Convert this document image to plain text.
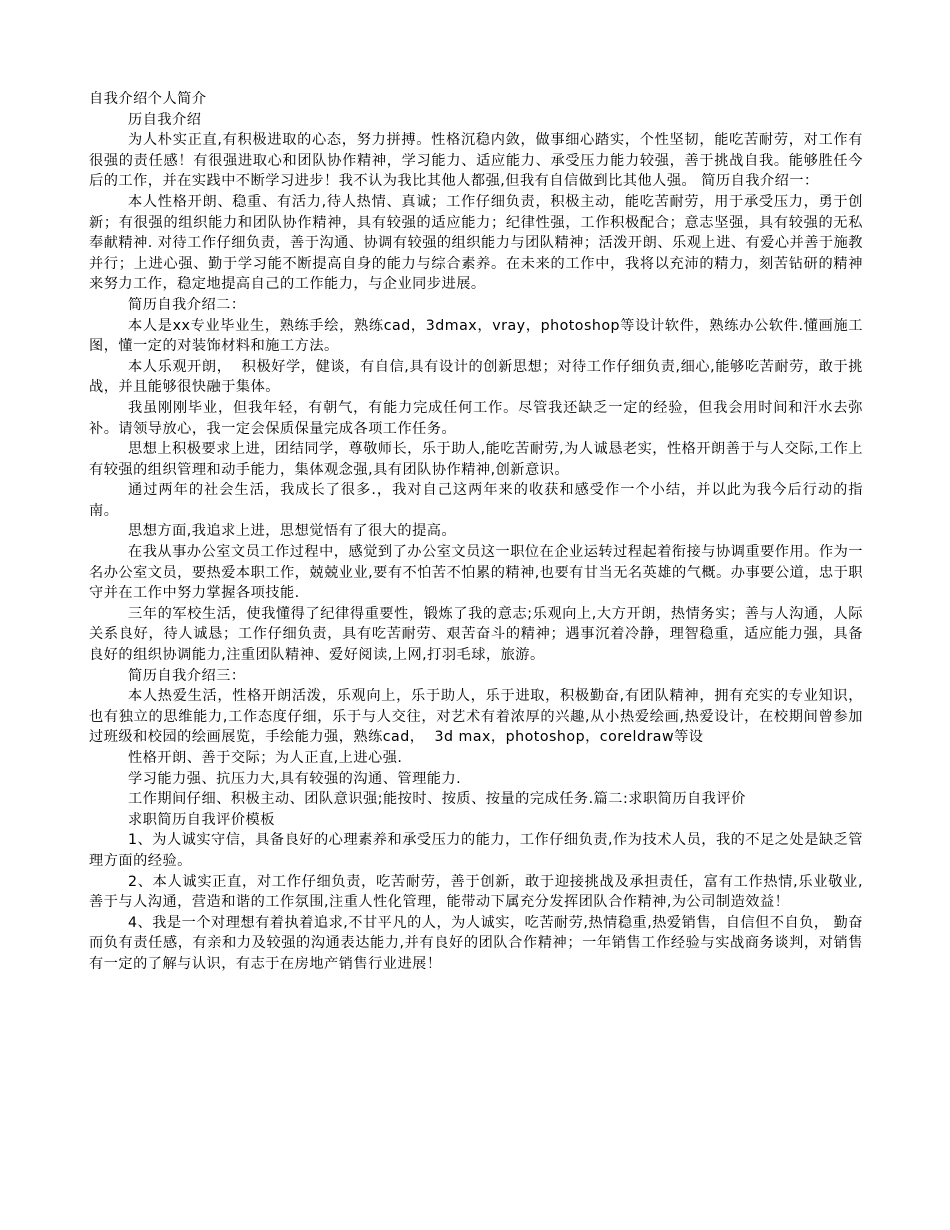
自我介绍个人简介

历自我介绍

为人朴实正直,有积极进取的心态，努力拼搏。性格沉稳内敛，做事细心踏实，个性坚韧，能吃苦耐劳，对工作有很强的责任感！有很强进取心和团队协作精神，学习能力、适应能力、承受压力能力较强，善于挑战自我。能够胜任今后的工作，并在实践中不断学习进步！我不认为我比其他人都强,但我有自信做到比其他人强。 简历自我介绍一：

本人性格开朗、稳重、有活力,待人热情、真诚；工作仔细负责，积极主动，能吃苦耐劳，用于承受压力，勇于创新；有很强的组织能力和团队协作精神，具有较强的适应能力；纪律性强，工作积极配合；意志坚强，具有较强的无私奉献精神. 对待工作仔细负责，善于沟通、协调有较强的组织能力与团队精神；活泼开朗、乐观上进、有爱心并善于施教并行；上进心强、勤于学习能不断提高自身的能力与综合素养。在未来的工作中，我将以充沛的精力，刻苦钻研的精神来努力工作，稳定地提高自己的工作能力，与企业同步进展。

简历自我介绍二：

本人是xx专业毕业生，熟练手绘，熟练cad，3dmax，vray，photoshop等设计软件，熟练办公软件.懂画施工图，懂一定的对装饰材料和施工方法。

本人乐观开朗，  积极好学，健谈，有自信,具有设计的创新思想；对待工作仔细负责,细心,能够吃苦耐劳，敢于挑战，并且能够很快融于集体。

我虽刚刚毕业，但我年轻，有朝气，有能力完成任何工作。尽管我还缺乏一定的经验，但我会用时间和汗水去弥补。请领导放心，我一定会保质保量完成各项工作任务。

思想上积极要求上进，团结同学，尊敬师长，乐于助人,能吃苦耐劳,为人诚恳老实，性格开朗善于与人交际,工作上有较强的组织管理和动手能力，集体观念强,具有团队协作精神,创新意识。

通过两年的社会生活，我成长了很多.，我对自己这两年来的收获和感受作一个小结，并以此为我今后行动的指南。

思想方面,我追求上进，思想觉悟有了很大的提高。

在我从事办公室文员工作过程中，感觉到了办公室文员这一职位在企业运转过程起着衔接与协调重要作用。作为一名办公室文员，要热爱本职工作，兢兢业业,要有不怕苦不怕累的精神,也要有甘当无名英雄的气概。办事要公道，忠于职守并在工作中努力掌握各项技能.

三年的军校生活，使我懂得了纪律得重要性，锻炼了我的意志;乐观向上,大方开朗，热情务实；善与人沟通，人际关系良好，待人诚恳；工作仔细负责，具有吃苦耐劳、艰苦奋斗的精神；遇事沉着冷静，理智稳重，适应能力强，具备良好的组织协调能力,注重团队精神、爱好阅读,上网,打羽毛球，旅游。

简历自我介绍三：

本人热爱生活，性格开朗活泼，乐观向上，乐于助人，乐于进取，积极勤奋,有团队精神，拥有充实的专业知识，也有独立的思维能力,工作态度仔细，乐于与人交往，对艺术有着浓厚的兴趣,从小热爱绘画,热爱设计，在校期间曾参加过班级和校园的绘画展览，手绘能力强，熟练cad，  3d max，photoshop，coreldraw等设

性格开朗、善于交际；为人正直,上进心强.

学习能力强、抗压力大,具有较强的沟通、管理能力.

工作期间仔细、积极主动、团队意识强;能按时、按质、按量的完成任务.篇二:求职简历自我评价

求职简历自我评价模板

1、为人诚实守信，具备良好的心理素养和承受压力的能力，工作仔细负责,作为技术人员，我的不足之处是缺乏管理方面的经验。

2、本人诚实正直，对工作仔细负责，吃苦耐劳，善于创新，敢于迎接挑战及承担责任，富有工作热情,乐业敬业,善于与人沟通，营造和谐的工作氛围,注重人性化管理，能带动下属充分发挥团队合作精神,为公司制造效益！

4、我是一个对理想有着执着追求,不甘平凡的人，为人诚实，吃苦耐劳,热情稳重,热爱销售，自信但不自负， 勤奋而负有责任感，有亲和力及较强的沟通表达能力,并有良好的团队合作精神；一年销售工作经验与实战商务谈判，对销售有一定的了解与认识，有志于在房地产销售行业进展！
